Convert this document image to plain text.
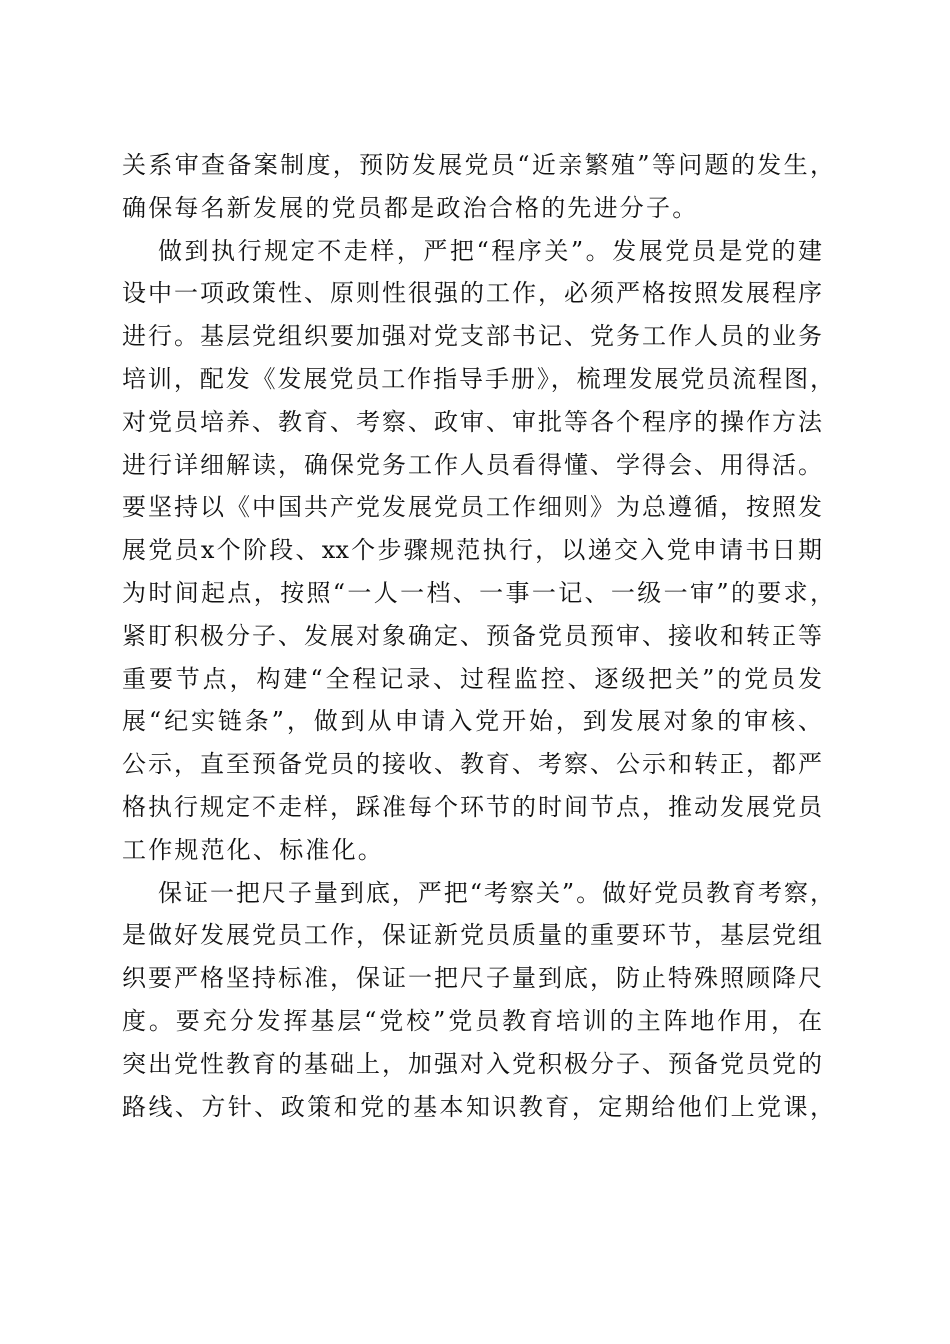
关系审查备案制度，预防发展党员“近亲繁殖”等问题的发生，
确保每名新发展的党员都是政治合格的先进分子。
做到执行规定不走样，严把“程序关”。发展党员是党的建
设中一项政策性、原则性很强的工作，必须严格按照发展程序
进行。基层党组织要加强对党支部书记、党务工作人员的业务
培训，配发《发展党员工作指导手册》，梳理发展党员流程图，
对党员培养、教育、考察、政审、审批等各个程序的操作方法
进行详细解读，确保党务工作人员看得懂、学得会、用得活。
要坚持以《中国共产党发展党员工作细则》为总遵循，按照发
展党员x个阶段、xx个步骤规范执行，以递交入党申请书日期
为时间起点，按照“一人一档、一事一记、一级一审”的要求，
紧盯积极分子、发展对象确定、预备党员预审、接收和转正等
重要节点，构建“全程记录、过程监控、逐级把关”的党员发
展“纪实链条”，做到从申请入党开始，到发展对象的审核、
公示，直至预备党员的接收、教育、考察、公示和转正，都严
格执行规定不走样，踩准每个环节的时间节点，推动发展党员
工作规范化、标准化。
保证一把尺子量到底，严把“考察关”。做好党员教育考察，
是做好发展党员工作，保证新党员质量的重要环节，基层党组
织要严格坚持标准，保证一把尺子量到底，防止特殊照顾降尺
度。要充分发挥基层“党校”党员教育培训的主阵地作用，在
突出党性教育的基础上，加强对入党积极分子、预备党员党的
路线、方针、政策和党的基本知识教育，定期给他们上党课，
